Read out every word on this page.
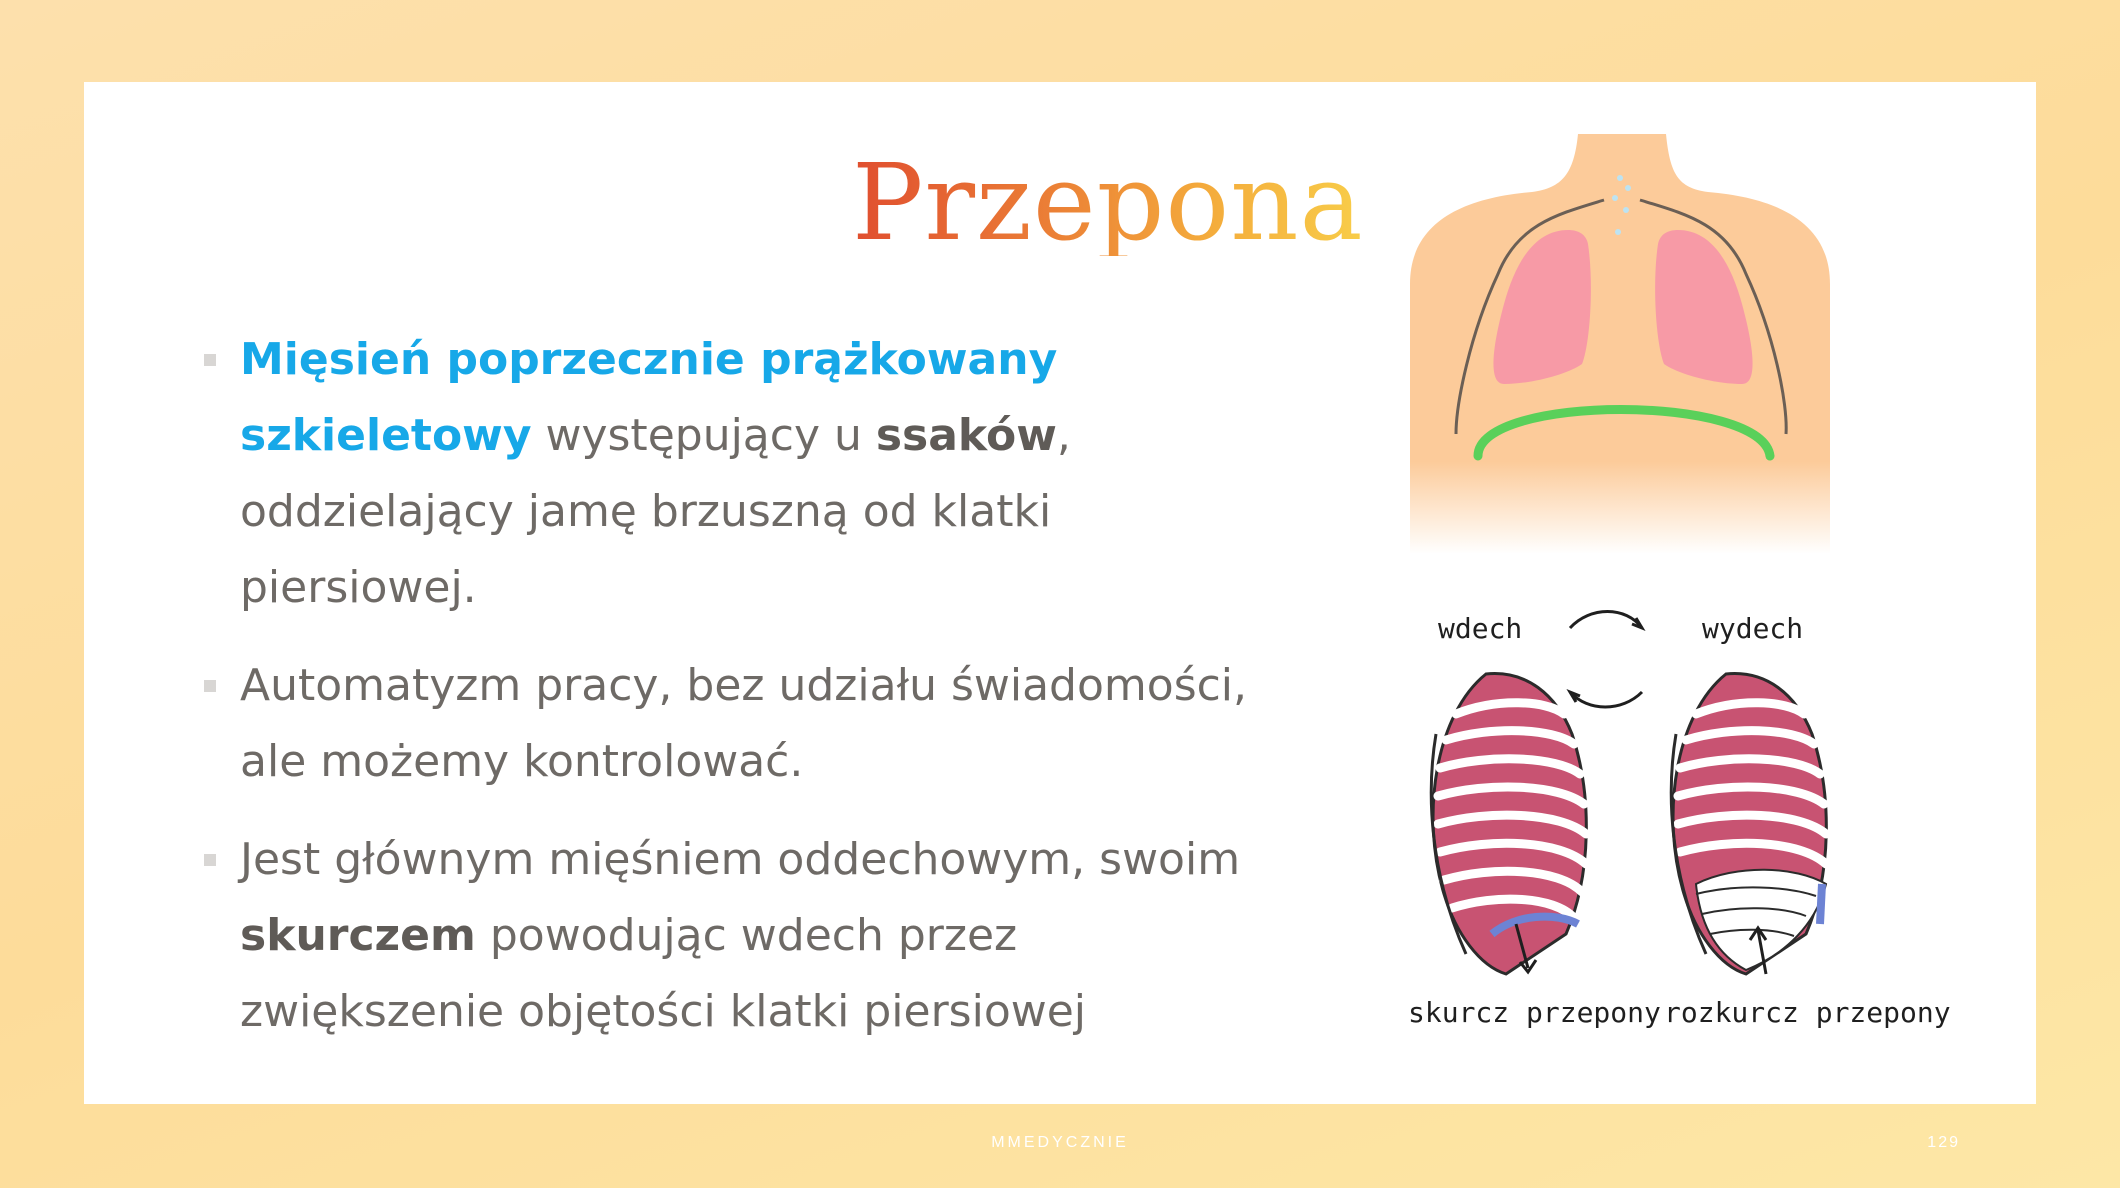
Przepona
Mięsień poprzecznie prążkowany szkieletowy występujący u ssaków, oddzielający jamę brzuszną od klatki piersiowej.
Automatyzm pracy, bez udziału świadomości, ale możemy kontrolować.
Jest głównym mięśniem oddechowym, swoim skurczem powodując wdech przez zwiększenie objętości klatki piersiowej
wdech	wydech
skurcz przepony rozkurcz przepony
MMEDYCZNIE	129
